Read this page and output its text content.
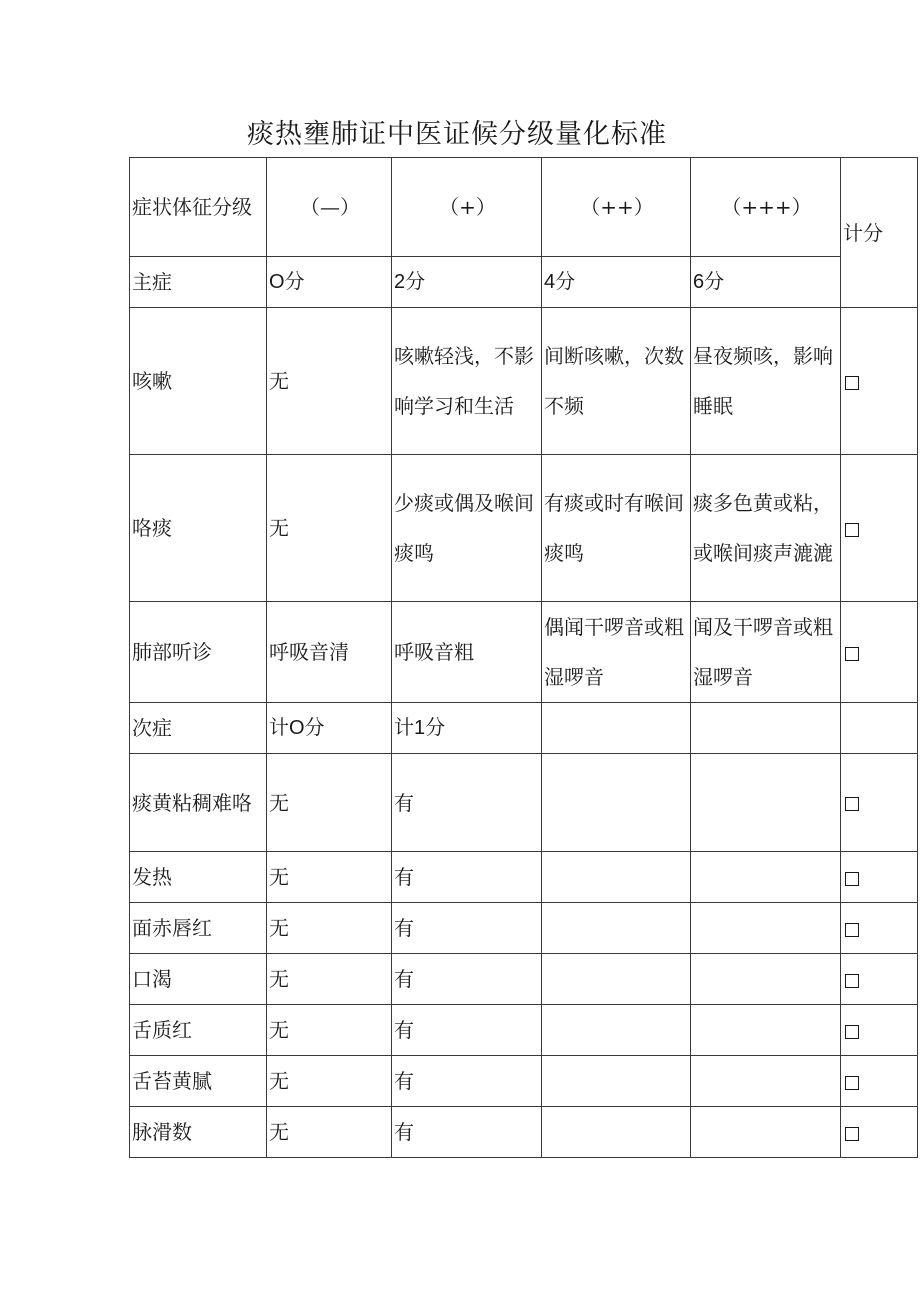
痰热壅肺证中医证候分级量化标准
症状体征分级	（—）	（+）	（++）	（+++）	计分
主症	O分	2分	4分	6分	
咳嗽	无	咳嗽轻浅，不影响学习和生活	间断咳嗽，次数不频	昼夜频咳，影响睡眠	
咯痰	无	少痰或偶及喉间痰鸣	有痰或时有喉间痰鸣	痰多色黄或粘，或喉间痰声漉漉	
肺部听诊	呼吸音清	呼吸音粗	偶闻干啰音或粗湿啰音	闻及干啰音或粗湿啰音	
次症	计O分	计1分			
痰黄粘稠难咯	无	有			
发热	无	有			
面赤唇红	无	有			
口渴	无	有			
舌质红	无	有			
舌苔黄腻	无	有			
脉滑数	无	有			
